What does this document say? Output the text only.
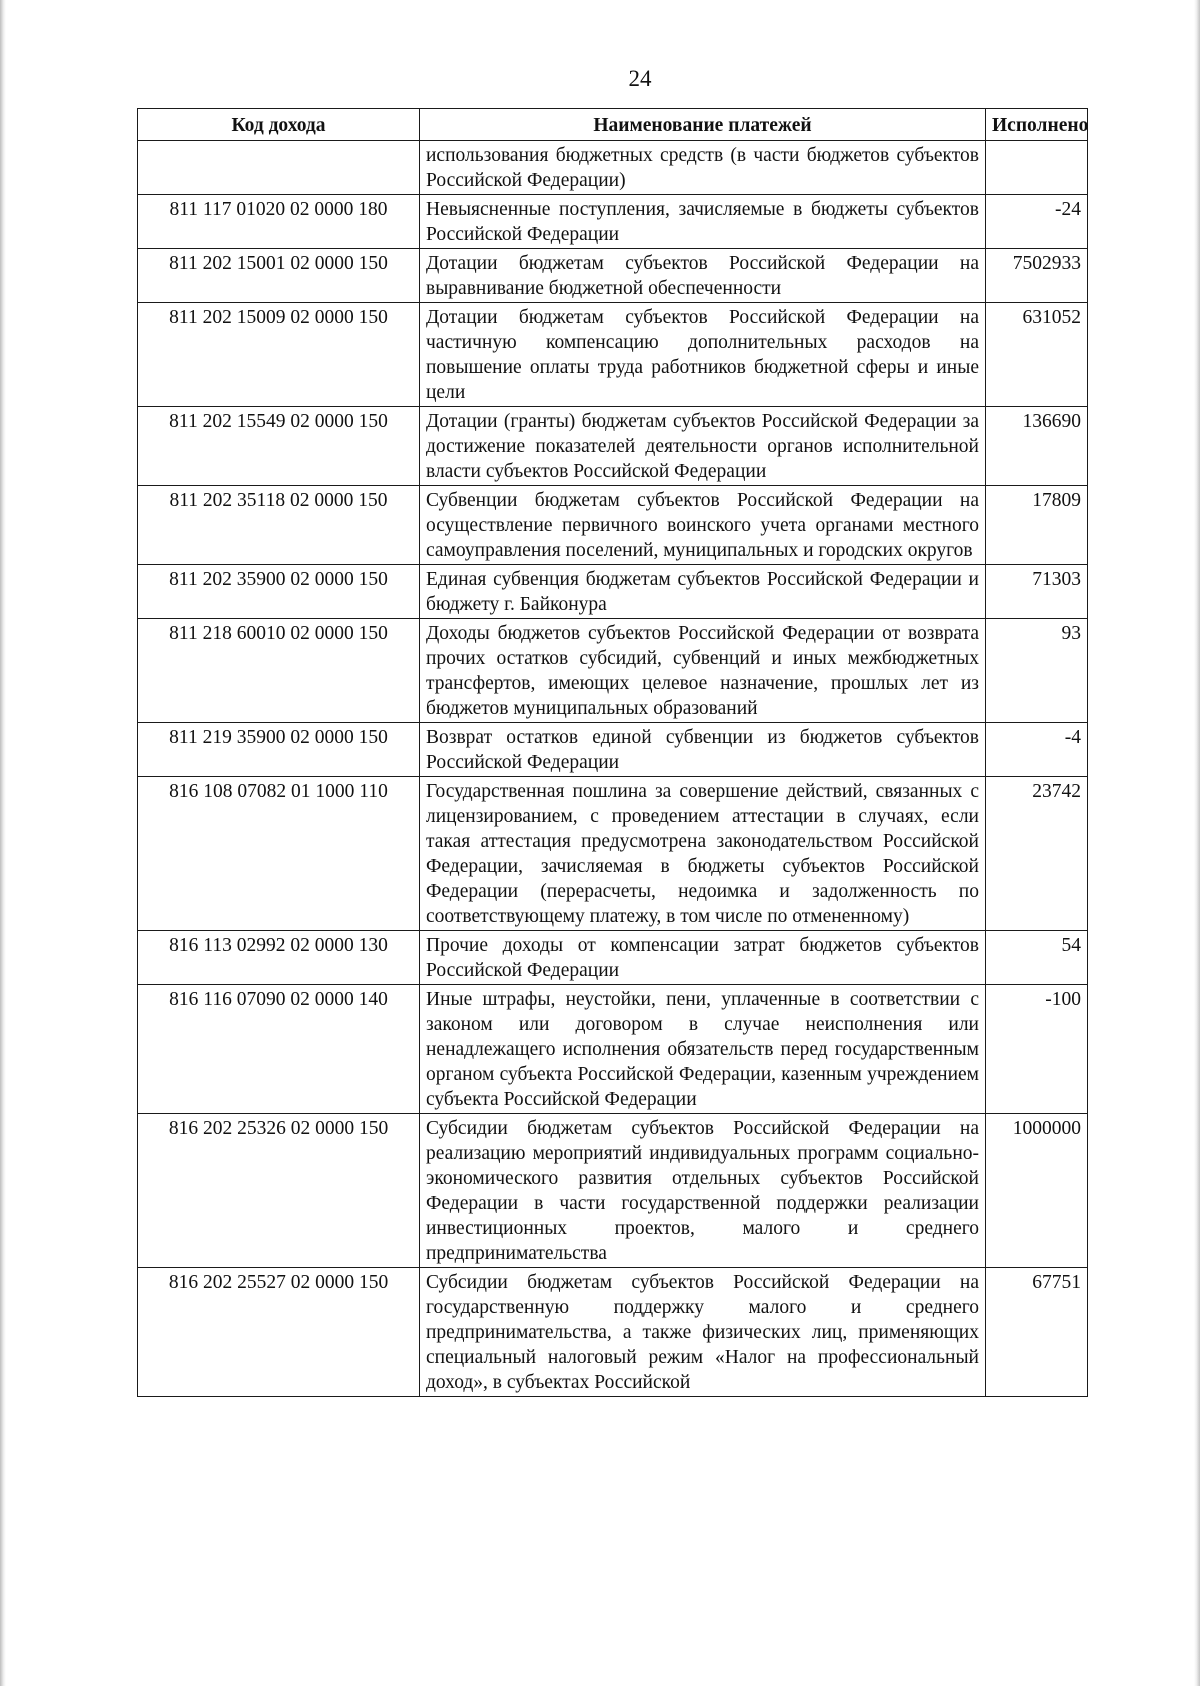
24
Код дохода	Наименование платежей	Исполнено
	использования бюджетных средств (в части бюджетов субъектов Российской Федерации)	
811 117 01020 02 0000 180	Невыясненные поступления, зачисляемые в бюджеты субъектов Российской Федерации	-24
811 202 15001 02 0000 150	Дотации бюджетам субъектов Российской Федерации на выравнивание бюджетной обеспеченности	7502933
811 202 15009 02 0000 150	Дотации бюджетам субъектов Российской Федерации на частичную компенсацию дополнительных расходов на повышение оплаты труда работников бюджетной сферы и иные цели	631052
811 202 15549 02 0000 150	Дотации (гранты) бюджетам субъектов Российской Федерации за достижение показателей деятельности органов исполнительной власти субъектов Российской Федерации	136690
811 202 35118 02 0000 150	Субвенции бюджетам субъектов Российской Федерации на осуществление первичного воинского учета органами местного самоуправления поселений, муниципальных и городских округов	17809
811 202 35900 02 0000 150	Единая субвенция бюджетам субъектов Российской Федерации и бюджету г. Байконура	71303
811 218 60010 02 0000 150	Доходы бюджетов субъектов Российской Федерации от возврата прочих остатков субсидий, субвенций и иных межбюджетных трансфертов, имеющих целевое назначение, прошлых лет из бюджетов муниципальных образований	93
811 219 35900 02 0000 150	Возврат остатков единой субвенции из бюджетов субъектов Российской Федерации	-4
816 108 07082 01 1000 110	Государственная пошлина за совершение действий, связанных с лицензированием, с проведением аттестации в случаях, если такая аттестация предусмотрена законодательством Российской Федерации, зачисляемая в бюджеты субъектов Российской Федерации (перерасчеты, недоимка и задолженность по соответствующему платежу, в том числе по отмененному)	23742
816 113 02992 02 0000 130	Прочие доходы от компенсации затрат бюджетов субъектов Российской Федерации	54
816 116 07090 02 0000 140	Иные штрафы, неустойки, пени, уплаченные в соответствии с законом или договором в случае неисполнения или ненадлежащего исполнения обязательств перед государственным органом субъекта Российской Федерации, казенным учреждением субъекта Российской Федерации	-100
816 202 25326 02 0000 150	Субсидии бюджетам субъектов Российской Федерации на реализацию мероприятий индивидуальных программ социально-экономического развития отдельных субъектов Российской Федерации в части государственной поддержки реализации инвестиционных проектов, малого и среднего предпринимательства	1000000
816 202 25527 02 0000 150	Субсидии бюджетам субъектов Российской Федерации на государственную поддержку малого и среднего предпринимательства, а также физических лиц, применяющих специальный налоговый режим «Налог на профессиональный доход», в субъектах Российской	67751
